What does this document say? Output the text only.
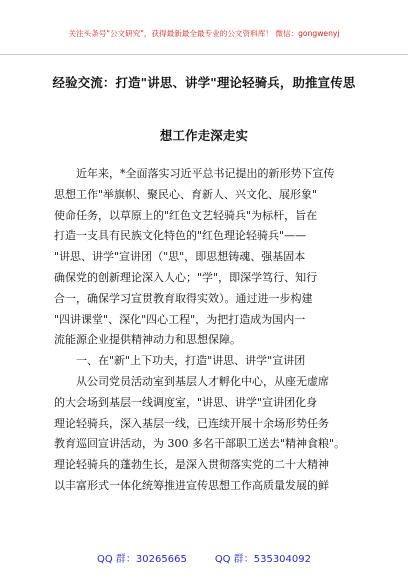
关注头条号"公文研究"，获得最新最全最专业的公文资料库！ 微信：gongwenyj
经验交流：打造"讲思、讲学"理论轻骑兵，助推宣传思
想工作走深走实

近年来，*全面落实习近平总书记提出的新形势下宣传
思想工作"举旗帜、聚民心、育新人、兴文化、展形象"
使命任务，以草原上的"红色文艺轻骑兵"为标杆，旨在
打造一支具有民族文化特色的"红色理论轻骑兵"——
"讲思、讲学"宣讲团（"思"，即思想铸魂、强基固本
确保党的创新理论深入人心；"学"，即深学笃行、知行
合一，确保学习宣贯教育取得实效）。通过进一步构建
"四讲课堂"、深化"四心工程"，为把打造成为国内一
流能源企业提供精神动力和思想保障。

一、在"新"上下功夫，打造"讲思、讲学"宣讲团

从公司党员活动室到基层人才孵化中心，从座无虚席
的大会场到基层一线调度室，"讲思、讲学"宣讲团化身
理论轻骑兵，深入基层一线，已连续开展十余场形势任务
教育巡回宣讲活动，为 300 多名干部职工送去"精神食粮"。
理论轻骑兵的蓬勃生长，是深入贯彻落实党的二十大精神
以丰富形式一体化统筹推进宣传思想工作高质量发展的鲜

QQ 群：30265665	QQ 群：535304092
